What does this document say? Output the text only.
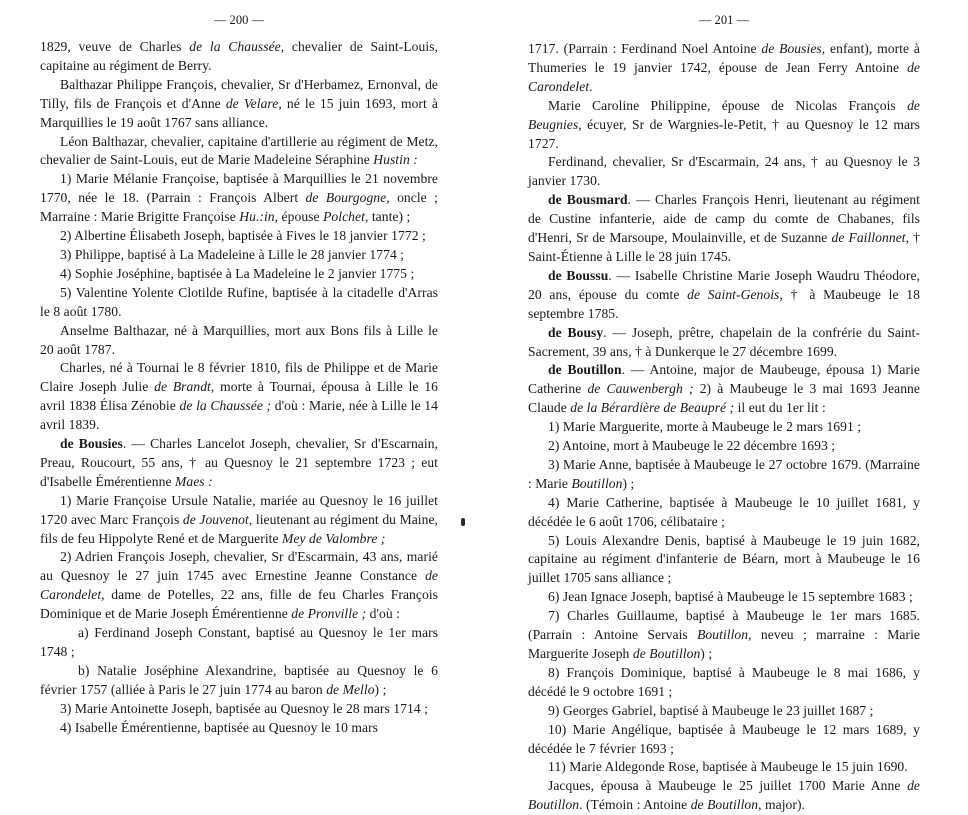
— 200 —

1829, veuve de Charles de la Chaussée, chevalier de Saint-Louis, capitaine au régiment de Berry.

Balthazar Philippe François, chevalier, Sr d'Herbamez, Ernonval, de Tilly, fils de François et d'Anne de Velare, né le 15 juin 1693, mort à Marquillies le 19 août 1767 sans alliance.

Léon Balthazar, chevalier, capitaine d'artillerie au régiment de Metz, chevalier de Saint-Louis, eut de Marie Madeleine Séraphine Hustin :

1) Marie Mélanie Françoise, baptisée à Marquillies le 21 novembre 1770, née le 18. (Parrain : François Albert de Bourgogne, oncle ; Marraine : Marie Brigitte Françoise Hu.:in, épouse Polchet, tante) ;

2) Albertine Élisabeth Joseph, baptisée à Fives le 18 janvier 1772 ;

3) Philippe, baptisé à La Madeleine à Lille le 28 janvier 1774 ;

4) Sophie Joséphine, baptisée à La Madeleine le 2 janvier 1775 ;

5) Valentine Yolente Clotilde Rufine, baptisée à la citadelle d'Arras le 8 août 1780.

Anselme Balthazar, né à Marquillies, mort aux Bons fils à Lille le 20 août 1787.

Charles, né à Tournai le 8 février 1810, fils de Philippe et de Marie Claire Joseph Julie de Brandt, morte à Tournai, épousa à Lille le 16 avril 1838 Élisa Zénobie de la Chaussée ; d'où : Marie, née à Lille le 14 avril 1839.

de Bousies. — Charles Lancelot Joseph, chevalier, Sr d'Escarnain, Preau, Roucourt, 55 ans, † au Quesnoy le 21 septembre 1723 ; eut d'Isabelle Émérentienne Maes :

1) Marie Françoise Ursule Natalie, mariée au Quesnoy le 16 juillet 1720 avec Marc François de Jouvenot, lieutenant au régiment du Maine, fils de feu Hippolyte René et de Marguerite Mey de Valombre ;

2) Adrien François Joseph, chevalier, Sr d'Escarmain, 43 ans, marié au Quesnoy le 27 juin 1745 avec Ernestine Jeanne Constance de Carondelet, dame de Potelles, 22 ans, fille de feu Charles François Dominique et de Marie Joseph Émérentienne de Pronville ; d'où :

a) Ferdinand Joseph Constant, baptisé au Quesnoy le 1er mars 1748 ;

b) Natalie Joséphine Alexandrine, baptisée au Quesnoy le 6 février 1757 (alliée à Paris le 27 juin 1774 au baron de Mello) ;

3) Marie Antoinette Joseph, baptisée au Quesnoy le 28 mars 1714 ;

4) Isabelle Émérentienne, baptisée au Quesnoy le 10 mars

— 201 —

1717. (Parrain : Ferdinand Noel Antoine de Bousies, enfant), morte à Thumeries le 19 janvier 1742, épouse de Jean Ferry Antoine de Carondelet.

Marie Caroline Philippine, épouse de Nicolas François de Beugnies, écuyer, Sr de Wargnies-le-Petit, † au Quesnoy le 12 mars 1727.

Ferdinand, chevalier, Sr d'Escarmain, 24 ans, † au Quesnoy le 3 janvier 1730.

de Bousmard. — Charles François Henri, lieutenant au régiment de Custine infanterie, aide de camp du comte de Chabanes, fils d'Henri, Sr de Marsoupe, Moulainville, et de Suzanne de Faillonnet, † Saint-Étienne à Lille le 28 juin 1745.

de Boussu. — Isabelle Christine Marie Joseph Waudru Théodore, 20 ans, épouse du comte de Saint-Genois, † à Maubeuge le 18 septembre 1785.

de Bousy. — Joseph, prêtre, chapelain de la confrérie du Saint-Sacrement, 39 ans, † à Dunkerque le 27 décembre 1699.

de Boutillon. — Antoine, major de Maubeuge, épousa 1) Marie Catherine de Cauwenbergh ; 2) à Maubeuge le 3 mai 1693 Jeanne Claude de la Bérardière de Beaupré ; il eut du 1er lit :

1) Marie Marguerite, morte à Maubeuge le 2 mars 1691 ;

2) Antoine, mort à Maubeuge le 22 décembre 1693 ;

3) Marie Anne, baptisée à Maubeuge le 27 octobre 1679. (Marraine : Marie Boutillon) ;

4) Marie Catherine, baptisée à Maubeuge le 10 juillet 1681, y décédée le 6 août 1706, célibataire ;

5) Louis Alexandre Denis, baptisé à Maubeuge le 19 juin 1682, capitaine au régiment d'infanterie de Béarn, mort à Maubeuge le 16 juillet 1705 sans alliance ;

6) Jean Ignace Joseph, baptisé à Maubeuge le 15 septembre 1683 ;

7) Charles Guillaume, baptisé à Maubeuge le 1er mars 1685. (Parrain : Antoine Servais Boutillon, neveu ; marraine : Marie Marguerite Joseph de Boutillon) ;

8) François Dominique, baptisé à Maubeuge le 8 mai 1686, y décédé le 9 octobre 1691 ;

9) Georges Gabriel, baptisé à Maubeuge le 23 juillet 1687 ;

10) Marie Angélique, baptisée à Maubeuge le 12 mars 1689, y décédée le 7 février 1693 ;

11) Marie Aldegonde Rose, baptisée à Maubeuge le 15 juin 1690.

Jacques, épousa à Maubeuge le 25 juillet 1700 Marie Anne de Boutillon. (Témoin : Antoine de Boutillon, major).
